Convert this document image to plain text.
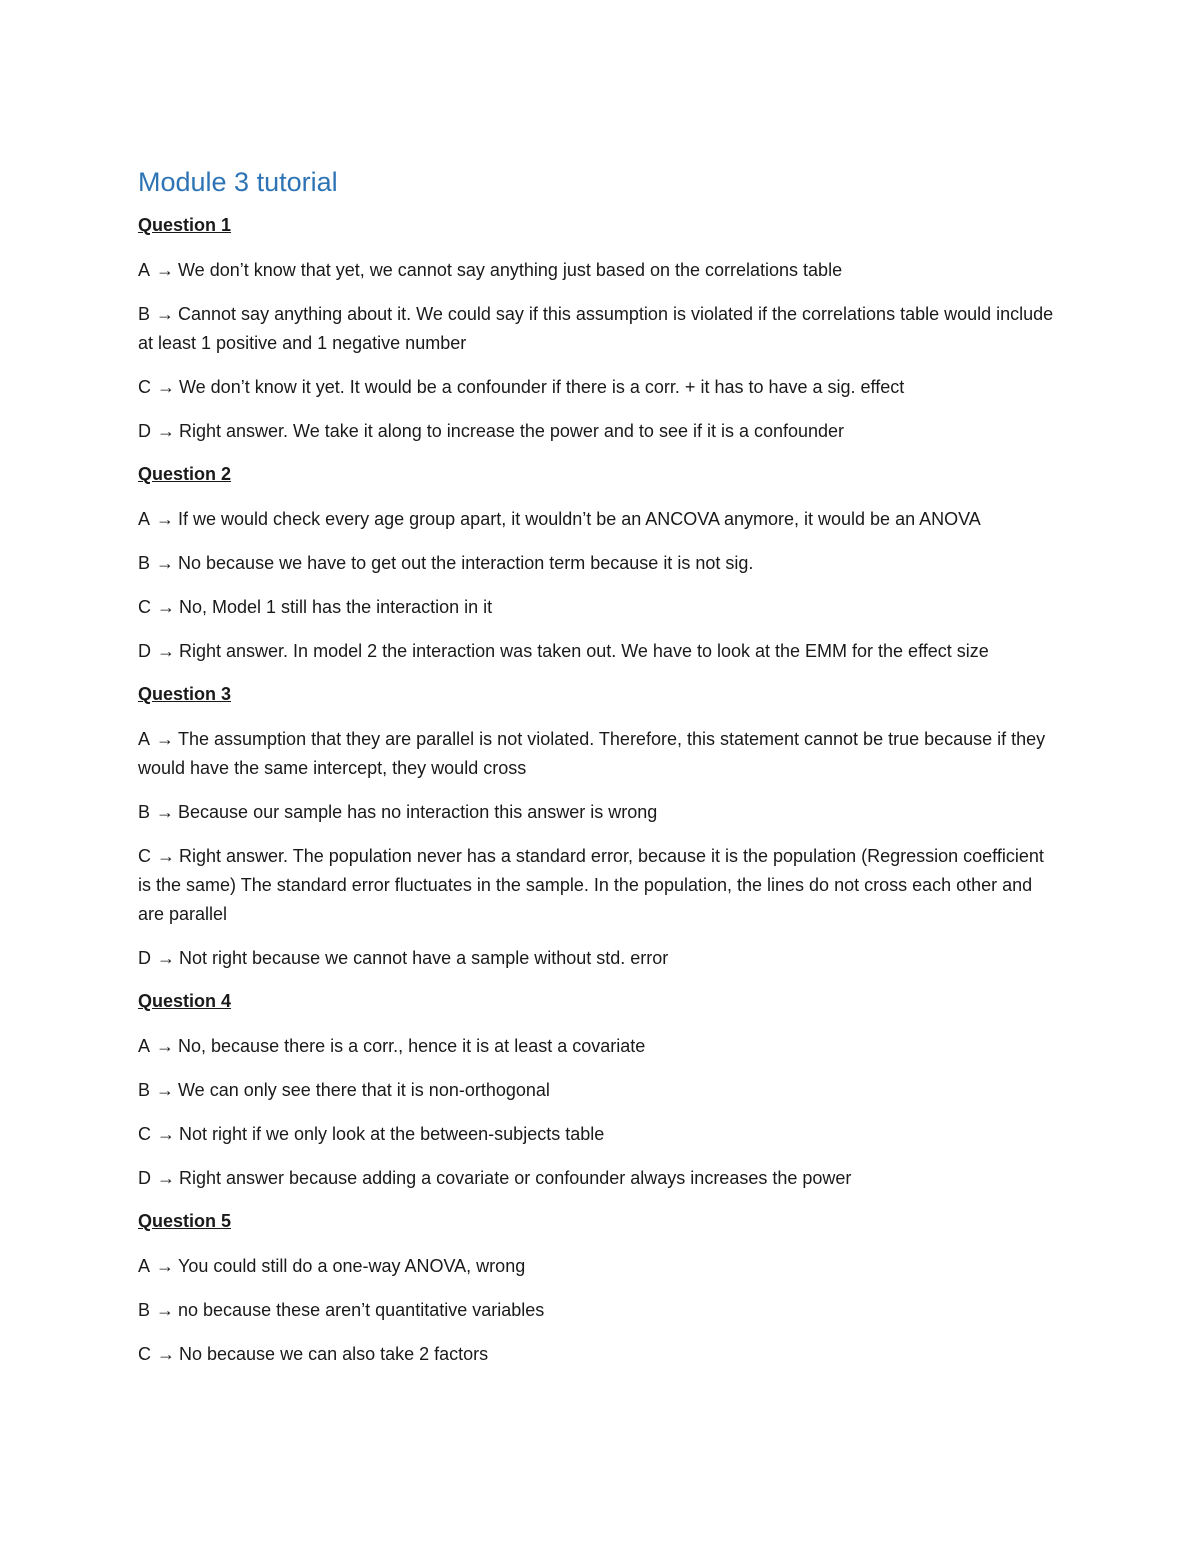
Module 3 tutorial
Question 1
A → We don’t know that yet, we cannot say anything just based on the correlations table
B → Cannot say anything about it. We could say if this assumption is violated if the correlations table would include at least 1 positive and 1 negative number
C → We don’t know it yet. It would be a confounder if there is a corr. + it has to have a sig. effect
D → Right answer. We take it along to increase the power and to see if it is a confounder
Question 2
A → If we would check every age group apart, it wouldn’t be an ANCOVA anymore, it would be an ANOVA
B → No because we have to get out the interaction term because it is not sig.
C → No, Model 1 still has the interaction in it
D → Right answer. In model 2 the interaction was taken out. We have to look at the EMM for the effect size
Question 3
A → The assumption that they are parallel is not violated. Therefore, this statement cannot be true because if they would have the same intercept, they would cross
B → Because our sample has no interaction this answer is wrong
C → Right answer. The population never has a standard error, because it is the population (Regression coefficient is the same) The standard error fluctuates in the sample. In the population, the lines do not cross each other and are parallel
D → Not right because we cannot have a sample without std. error
Question 4
A → No, because there is a corr., hence it is at least a covariate
B → We can only see there that it is non-orthogonal
C → Not right if we only look at the between-subjects table
D → Right answer because adding a covariate or confounder always increases the power
Question 5
A → You could still do a one-way ANOVA, wrong
B → no because these aren’t quantitative variables
C → No because we can also take 2 factors
